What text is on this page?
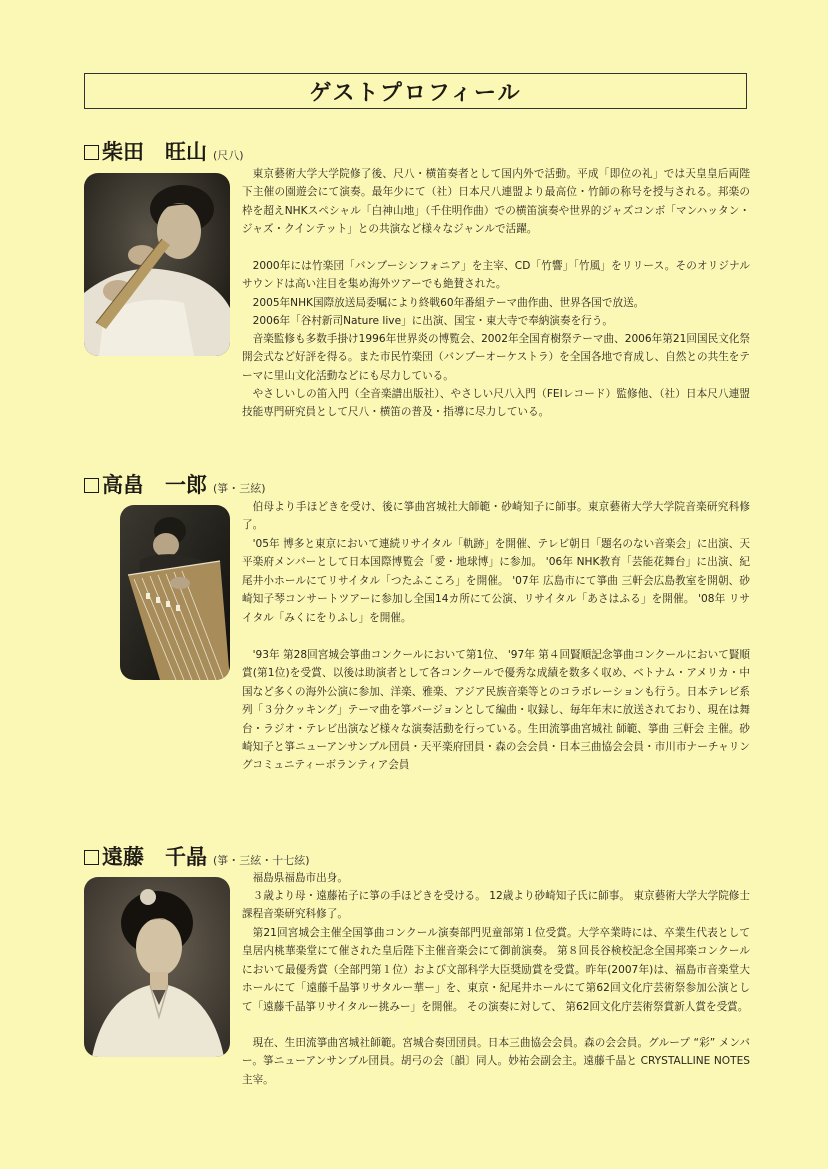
ゲストプロフィール
柴田　旺山 (尺八)

東京藝術大学大学院修了後、尺八・横笛奏者として国内外で活動。平成「即位の礼」では天皇皇后両陛下主催の園遊会にて演奏。最年少にて（社）日本尺八連盟より最高位・竹師の称号を授与される。邦楽の枠を超えNHKスペシャル「白神山地」（千住明作曲）での横笛演奏や世界的ジャズコンボ「マンハッタン・ジャズ・クインテット」との共演など様々なジャンルで活躍。

2000年には竹楽団「バンブーシンフォニア」を主宰、CD「竹響」「竹風」をリリース。そのオリジナルサウンドは高い注目を集め海外ツアーでも絶賛された。

2005年NHK国際放送局委嘱により終戦60年番組テーマ曲作曲、世界各国で放送。

2006年「谷村新司Nature live」に出演、国宝・東大寺で奉納演奏を行う。

音楽監修も多数手掛け1996年世界炎の博覧会、2002年全国育樹祭テーマ曲、2006年第21回国民文化祭開会式など好評を得る。また市民竹楽団（バンブーオーケストラ）を全国各地で育成し、自然との共生をテーマに里山文化活動などにも尽力している。

やさしいしの笛入門（全音楽譜出版社）、やさしい尺八入門（FEIレコード）監修他、（社）日本尺八連盟技能専門研究員として尺八・横笛の普及・指導に尽力している。

高畠　一郎 (箏・三絃)

伯母より手ほどきを受け、後に箏曲宮城社大師範・砂崎知子に師事。東京藝術大学大学院音楽研究科修了。

'05年 博多と東京において連続リサイタル「軌跡」を開催、テレビ朝日「題名のない音楽会」に出演、天平楽府メンバーとして日本国際博覧会「愛・地球博」に参加。 '06年 NHK教育「芸能花舞台」に出演、紀尾井小ホールにてリサイタル「つたふこころ」を開催。 '07年 広島市にて箏曲 三軒会広島教室を開朝、砂崎知子琴コンサートツアーに参加し全国14カ所にて公演、リサイタル「あさはふる」を開催。 '08年 リサイタル「みくにをりふし」を開催。

'93年 第28回宮城会箏曲コンクールにおいて第1位、 '97年 第４回賢順記念箏曲コンクールにおいて賢順賞(第1位)を受賞、以後は助演者として各コンクールで優秀な成績を数多く収め、ベトナム・アメリカ・中国など多くの海外公演に参加、洋楽、雅楽、アジア民族音楽等とのコラボレーションも行う。日本テレビ系列「３分クッキング」テーマ曲を箏バージョンとして編曲・収録し、毎年年末に放送されており、現在は舞台・ラジオ・テレビ出演など様々な演奏活動を行っている。生田流箏曲宮城社 師範、箏曲 三軒会 主催。砂崎知子と箏ニューアンサンブル団員・天平楽府団員・森の会会員・日本三曲協会会員・市川市ナーチャリングコミュニティーボランティア会員

遠藤　千晶 (箏・三絃・十七絃)

福島県福島市出身。

３歳より母・遠藤祐子に箏の手ほどきを受ける。 12歳より砂崎知子氏に師事。 東京藝術大学大学院修士課程音楽研究科修了。

第21回宮城会主催全国箏曲コンクール演奏部門児童部第１位受賞。大学卒業時には、卒業生代表として皇居内桃華楽堂にて催された皇后陛下主催音楽会にて御前演奏。 第８回長谷検校記念全国邦楽コンクールにおいて最優秀賞（全部門第１位）および文部科学大臣奨励賞を受賞。昨年(2007年)は、福島市音楽堂大ホールにて「遠藤千晶箏リサタルー華ー」を、東京・紀尾井ホールにて第62回文化庁芸術祭参加公演として「遠藤千晶箏リサイタルー挑みー」を開催。 その演奏に対して、 第62回文化庁芸術祭賞新人賞を受賞。

現在、生田流箏曲宮城社師範。宮城合奏団団員。日本三曲協会会員。森の会会員。グループ “彩” メンバー。箏ニューアンサンブル団員。胡弓の会〔韻〕同人。妙祐会副会主。遠藤千晶と CRYSTALLINE NOTES 主宰。
